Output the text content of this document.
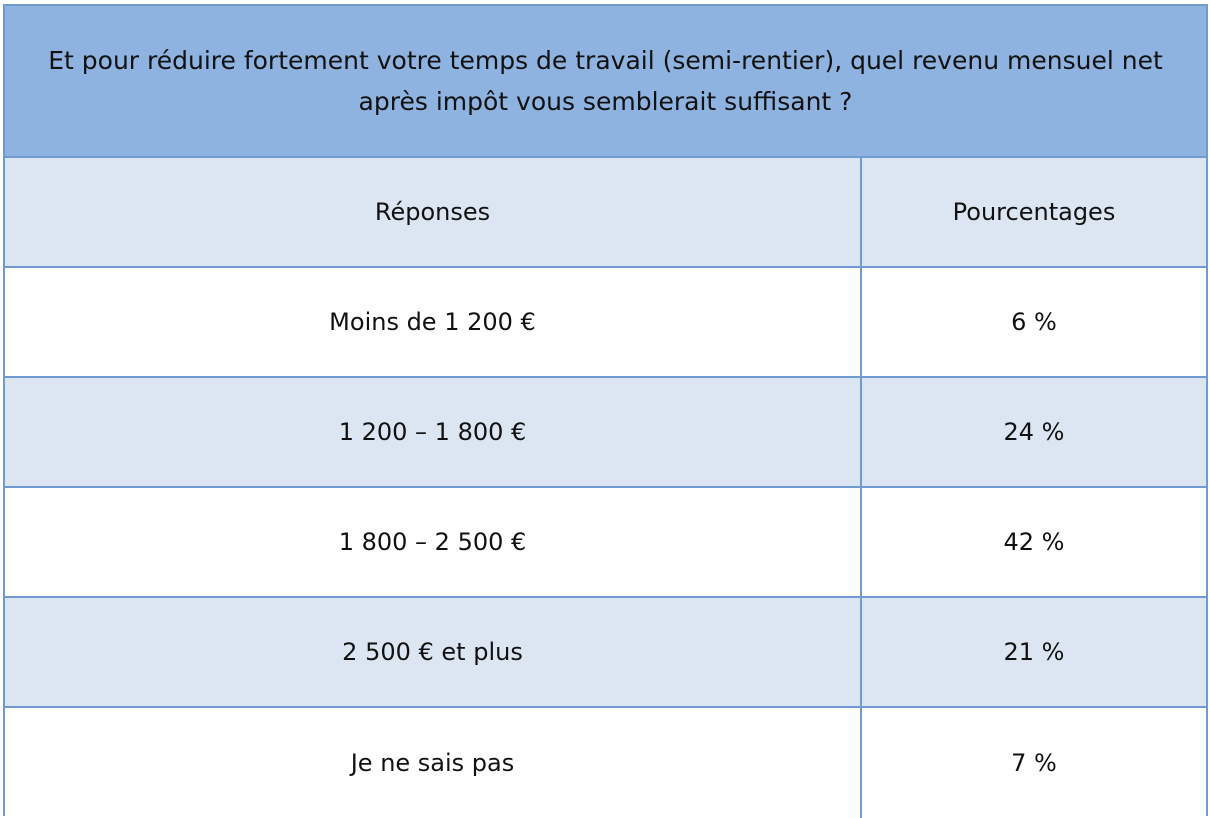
Et pour réduire fortement votre temps de travail (semi-rentier), quel revenu mensuel net après impôt vous semblerait suffisant ?
Réponses	Pourcentages
Moins de 1 200 €	6 %
1 200 – 1 800 €	24 %
1 800 – 2 500 €	42 %
2 500 € et plus	21 %
Je ne sais pas	7 %
